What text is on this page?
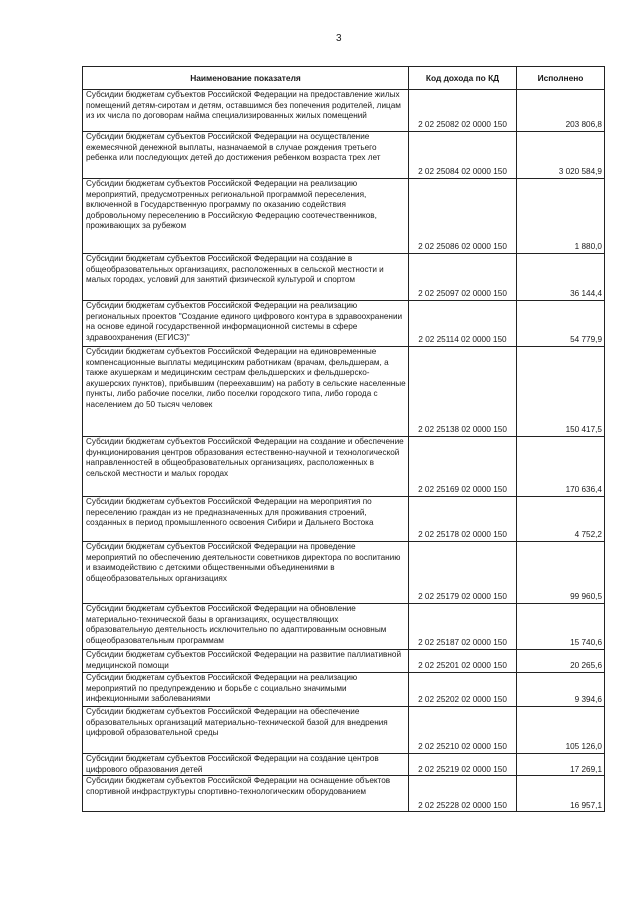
3
Наименование показателя	Код дохода по КД	Исполнено
Субсидии бюджетам субъектов Российской Федерации на предоставление жилых помещений детям-сиротам и детям, оставшимся без попечения родителей, лицам из их числа по договорам найма специализированных жилых помещений	2 02 25082 02 0000 150	203 806,8
Субсидии бюджетам субъектов Российской Федерации на осуществление ежемесячной денежной выплаты, назначаемой в случае рождения третьего ребенка или последующих детей до достижения ребенком возраста трех лет	2 02 25084 02 0000 150	3 020 584,9
Субсидии бюджетам субъектов Российской Федерации на реализацию мероприятий, предусмотренных региональной программой переселения, включенной в Государственную программу по оказанию содействия добровольному переселению в Российскую Федерацию соотечественников, проживающих за рубежом	2 02 25086 02 0000 150	1 880,0
Субсидии бюджетам субъектов Российской Федерации на создание в общеобразовательных организациях, расположенных в сельской местности и малых городах, условий для занятий физической культурой и спортом	2 02 25097 02 0000 150	36 144,4
Субсидии бюджетам субъектов Российской Федерации на реализацию региональных проектов "Создание единого цифрового контура в здравоохранении на основе единой государственной информационной системы в сфере здравоохранения (ЕГИСЗ)"	2 02 25114 02 0000 150	54 779,9
Субсидии бюджетам субъектов Российской Федерации на единовременные компенсационные выплаты медицинским работникам (врачам, фельдшерам, а также акушеркам и медицинским сестрам фельдшерских и фельдшерско-акушерских пунктов), прибывшим (переехавшим) на работу в сельские населенные пункты, либо рабочие поселки, либо поселки городского типа, либо города с населением до 50 тысяч человек	2 02 25138 02 0000 150	150 417,5
Субсидии бюджетам субъектов Российской Федерации на создание и обеспечение функционирования центров образования естественно-научной и технологической направленностей в общеобразовательных организациях, расположенных в сельской местности и малых городах	2 02 25169 02 0000 150	170 636,4
Субсидии бюджетам субъектов Российской Федерации на мероприятия по переселению граждан из не предназначенных для проживания строений, созданных в период промышленного освоения Сибири и Дальнего Востока	2 02 25178 02 0000 150	4 752,2
Субсидии бюджетам субъектов Российской Федерации на проведение мероприятий по обеспечению деятельности советников директора по воспитанию и взаимодействию с детскими общественными объединениями в общеобразовательных организациях	2 02 25179 02 0000 150	99 960,5
Субсидии бюджетам субъектов Российской Федерации на обновление материально-технической базы в организациях, осуществляющих образовательную деятельность исключительно по адаптированным основным общеобразовательным программам	2 02 25187 02 0000 150	15 740,6
Субсидии бюджетам субъектов Российской Федерации на развитие паллиативной медицинской помощи	2 02 25201 02 0000 150	20 265,6
Субсидии бюджетам субъектов Российской Федерации на реализацию мероприятий по предупреждению и борьбе с социально значимыми инфекционными заболеваниями	2 02 25202 02 0000 150	9 394,6
Субсидии бюджетам субъектов Российской Федерации на обеспечение образовательных организаций материально-технической базой для внедрения цифровой образовательной среды	2 02 25210 02 0000 150	105 126,0
Субсидии бюджетам субъектов Российской Федерации на создание центров цифрового образования детей	2 02 25219 02 0000 150	17 269,1
Субсидии бюджетам субъектов Российской Федерации на оснащение объектов спортивной инфраструктуры спортивно-технологическим оборудованием	2 02 25228 02 0000 150	16 957,1
